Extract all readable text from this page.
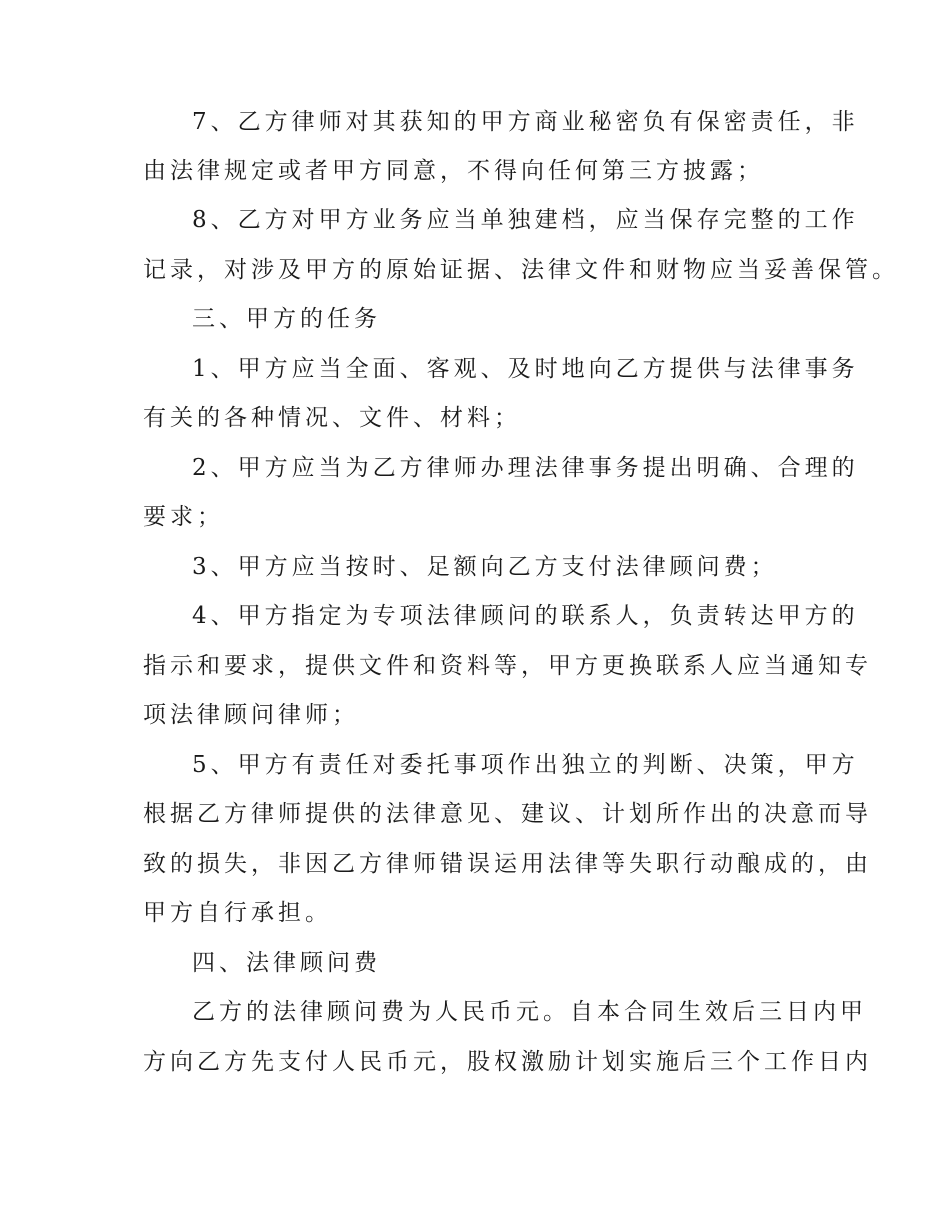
7、乙方律师对其获知的甲方商业秘密负有保密责任，非
由法律规定或者甲方同意，不得向任何第三方披露；
8、乙方对甲方业务应当单独建档，应当保存完整的工作
记录，对涉及甲方的原始证据、法律文件和财物应当妥善保管。
三、甲方的任务
1、甲方应当全面、客观、及时地向乙方提供与法律事务
有关的各种情况、文件、材料；
2、甲方应当为乙方律师办理法律事务提出明确、合理的
要求；
3、甲方应当按时、足额向乙方支付法律顾问费；
4、甲方指定为专项法律顾问的联系人，负责转达甲方的
指示和要求，提供文件和资料等，甲方更换联系人应当通知专
项法律顾问律师；
5、甲方有责任对委托事项作出独立的判断、决策，甲方
根据乙方律师提供的法律意见、建议、计划所作出的决意而导
致的损失，非因乙方律师错误运用法律等失职行动酿成的，由
甲方自行承担。
四、法律顾问费
乙方的法律顾问费为人民币元。自本合同生效后三日内甲
方向乙方先支付人民币元，股权激励计划实施后三个工作日内
